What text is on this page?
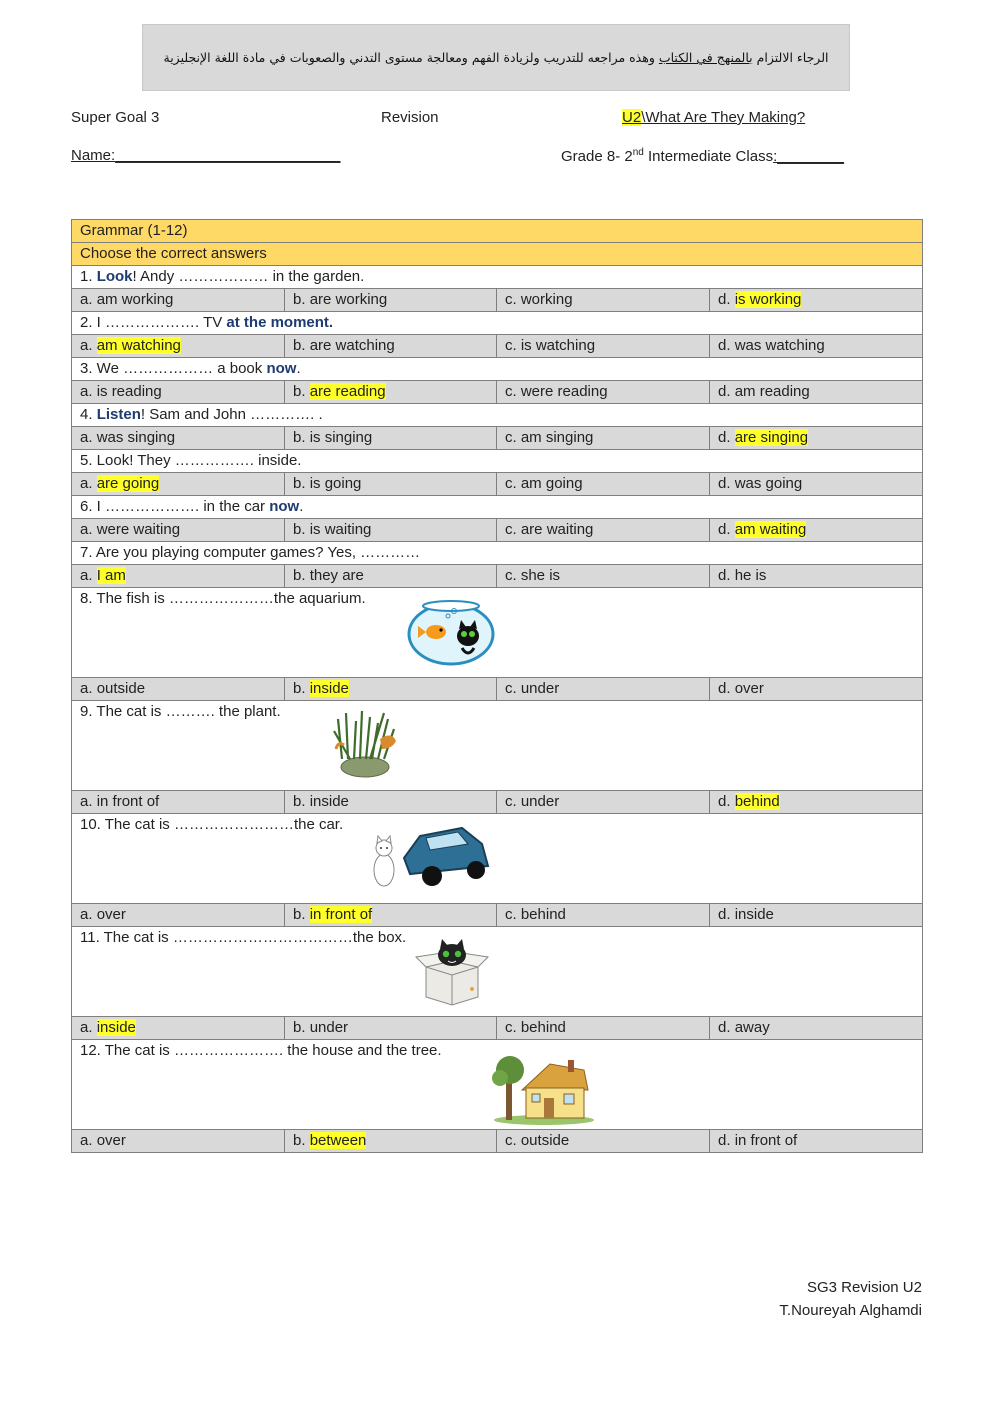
الرجاء الالتزام بالمنهج في الكتاب وهذه مراجعه للتدريب ولزيادة الفهم ومعالجة مستوى التدني والصعوبات في مادة اللغة الإنجليزية
Super Goal 3	Revision	U2\What Are They Making?
Name:___________________________	Grade 8- 2nd Intermediate Class:________
Grammar (1-12)			
Choose the correct answers			
1. Look! Andy ……………… in the garden.			
a. am working	b. are working	c. working	d. is working
2. I ………………. TV at the moment.			
a. am watching	b. are watching	c. is watching	d. was watching
3. We ……………… a book now.			
a. is reading	b. are reading	c. were reading	d. am reading
4. Listen! Sam and John …………. .			
a. was singing	b. is singing	c. am singing	d. are singing
5. Look! They ……………. inside.			
a. are going	b. is going	c. am going	d. was going
6. I ………………. in the car now.			
a. were waiting	b. is waiting	c. are waiting	d. am waiting
7. Are you playing computer games? Yes, …………			
a. I am	b. they are	c. she is	d. he is
8. The fish is …………………the aquarium.			

a. outside	b. inside	c. under	d. over
9. The cat is ………. the plant.			

a. in front of	b. inside	c. under	d. behind
10. The cat is ……………………the car.			

a. over	b. in front of	c. behind	d. inside
11. The cat is ………………………………the box.			

a. inside	b. under	c. behind	d. away
12. The cat is …………………. the house and the tree.			

a. over	b. between	c. outside	d. in front of
SG3 Revision U2
T.Noureyah Alghamdi
